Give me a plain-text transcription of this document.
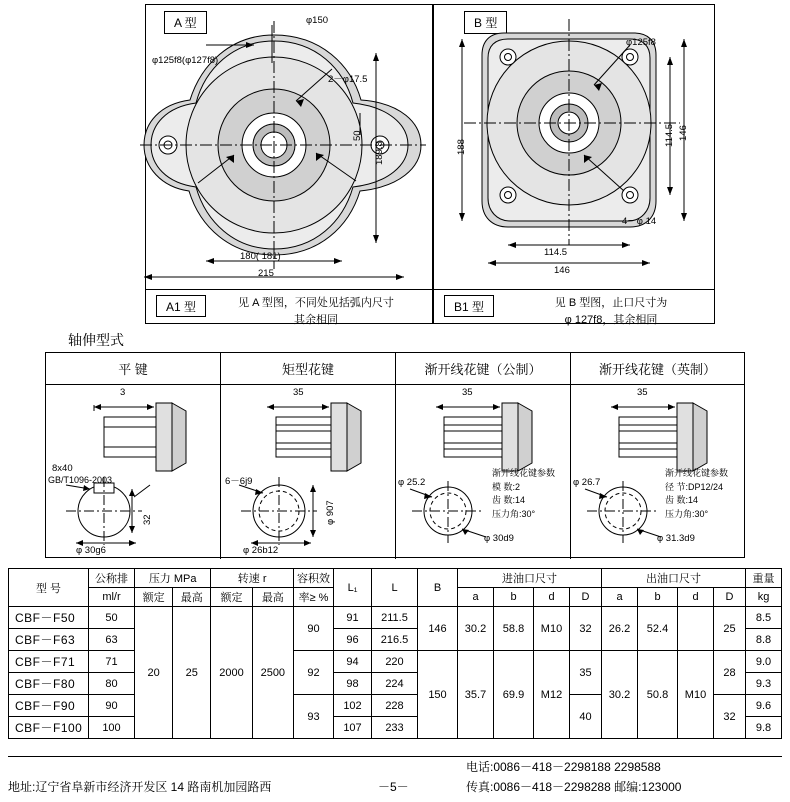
A 型
A1 型	见 A 型图，不同处见括弧内尺寸
其余相同
φ150
φ125f8(φ127f8)
2－φ17.5
50
189.8
180( 181)
215
B 型
B1 型	见 B 型图，止口尺寸为
φ 127f8，其余相同
φ125f8
188
114.5 146
4－φ 14
114.5
146
轴伸型式
平 键
3
8x40
GB/T1096-2003
32
φ 30g6
矩型花键
35
6－6j9
φ 907
φ 26b12
渐开线花键（公制）
35
φ 25.2
φ 30d9
渐开线花键参数
模 数:2
齿 数:14
压力角:30°
渐开线花键（英制）
35
φ 26.7
φ 31.3d9
渐开线花键参数
径 节:DP12/24
齿 数:14
压力角:30°
型 号	公称排	压力 MPa		转速 r		容积效	L₁	L	B	进油口尺寸				出油口尺寸				重量
	ml/r	额定	最高	额定	最高	率≥ %				a	b	d	D	a	b	d	D	kg
CBF－F50	50	20	25	2000	2500	90	91	211.5	146	30.2	58.8	M10	32	26.2	52.4		25	8.5
CBF－F63	63						96	216.5										8.8
CBF－F71	71					92	94	220	150	35.7	69.9	M12	35	30.2	50.8	M10	28	9.0
CBF－F80	80						98	224										9.3
CBF－F90	90					93	102	228					40				32	9.6
CBF－F100	100						107	233										9.8
地址:辽宁省阜新市经济开发区 14 路南机加园路西	－5－
电话:0086－418－2298188 2298588
传真:0086－418－2298288 邮编:123000
